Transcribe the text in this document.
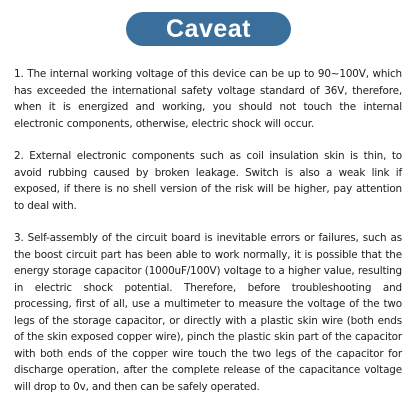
Caveat

1. The internal working voltage of this device can be up to 90~100V, which has exceeded the international safety voltage standard of 36V, therefore, when it is energized and working, you should not touch the internal electronic components, otherwise, electric shock will occur.

2. External electronic components such as coil insulation skin is thin, to avoid rubbing caused by broken leakage. Switch is also a weak link if exposed, if there is no shell version of the risk will be higher, pay attention to deal with.

3. Self-assembly of the circuit board is inevitable errors or failures, such as the boost circuit part has been able to work normally, it is possible that the energy storage capacitor (1000uF/100V) voltage to a higher value, resulting in electric shock potential. Therefore, before troubleshooting and processing, first of all, use a multimeter to measure the voltage of the two legs of the storage capacitor, or directly with a plastic skin wire (both ends of the skin exposed copper wire), pinch the plastic skin part of the capacitor with both ends of the copper wire touch the two legs of the capacitor for discharge operation, after the complete release of the capacitance voltage will drop to 0v, and then can be safely operated.
